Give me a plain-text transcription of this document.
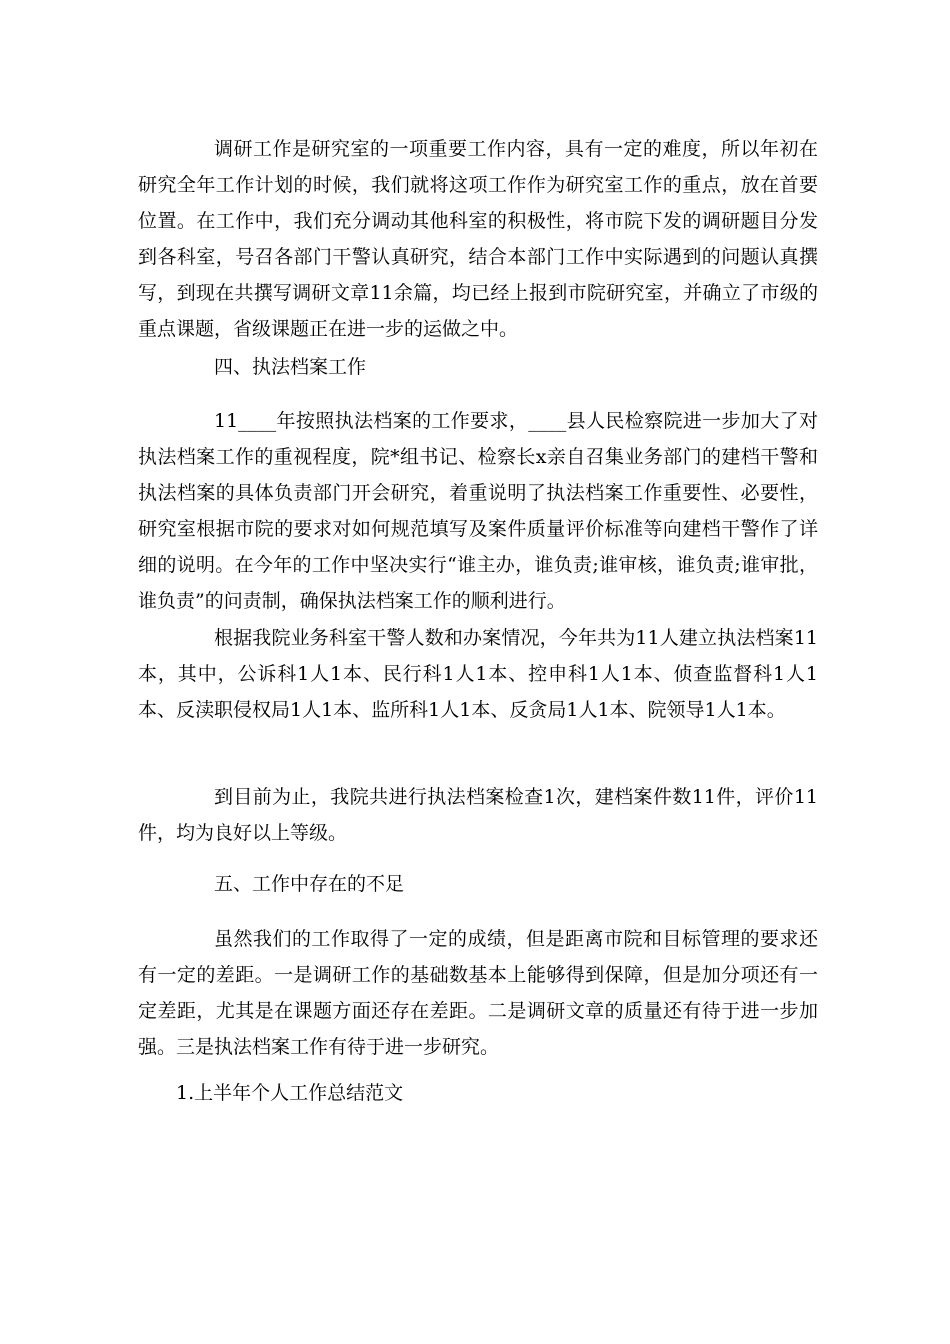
调研工作是研究室的一项重要工作内容，具有一定的难度，所以年初在研究全年工作计划的时候，我们就将这项工作作为研究室工作的重点，放在首要位置。在工作中，我们充分调动其他科室的积极性，将市院下发的调研题目分发到各科室，号召各部门干警认真研究，结合本部门工作中实际遇到的问题认真撰写，到现在共撰写调研文章11余篇，均已经上报到市院研究室，并确立了市级的重点课题，省级课题正在进一步的运做之中。

四、执法档案工作

11____年按照执法档案的工作要求，____县人民检察院进一步加大了对执法档案工作的重视程度，院*组书记、检察长x亲自召集业务部门的建档干警和执法档案的具体负责部门开会研究，着重说明了执法档案工作重要性、必要性，研究室根据市院的要求对如何规范填写及案件质量评价标准等向建档干警作了详细的说明。在今年的工作中坚决实行“谁主办，谁负责;谁审核，谁负责;谁审批，谁负责”的问责制，确保执法档案工作的顺利进行。

根据我院业务科室干警人数和办案情况，今年共为11人建立执法档案11本，其中，公诉科1人1本、民行科1人1本、控申科1人1本、侦查监督科1人1本、反渎职侵权局1人1本、监所科1人1本、反贪局1人1本、院领导1人1本。

到目前为止，我院共进行执法档案检查1次，建档案件数11件，评价11件，均为良好以上等级。

五、工作中存在的不足

虽然我们的工作取得了一定的成绩，但是距离市院和目标管理的要求还有一定的差距。一是调研工作的基础数基本上能够得到保障，但是加分项还有一定差距，尤其是在课题方面还存在差距。二是调研文章的质量还有待于进一步加强。三是执法档案工作有待于进一步研究。

1.上半年个人工作总结范文
